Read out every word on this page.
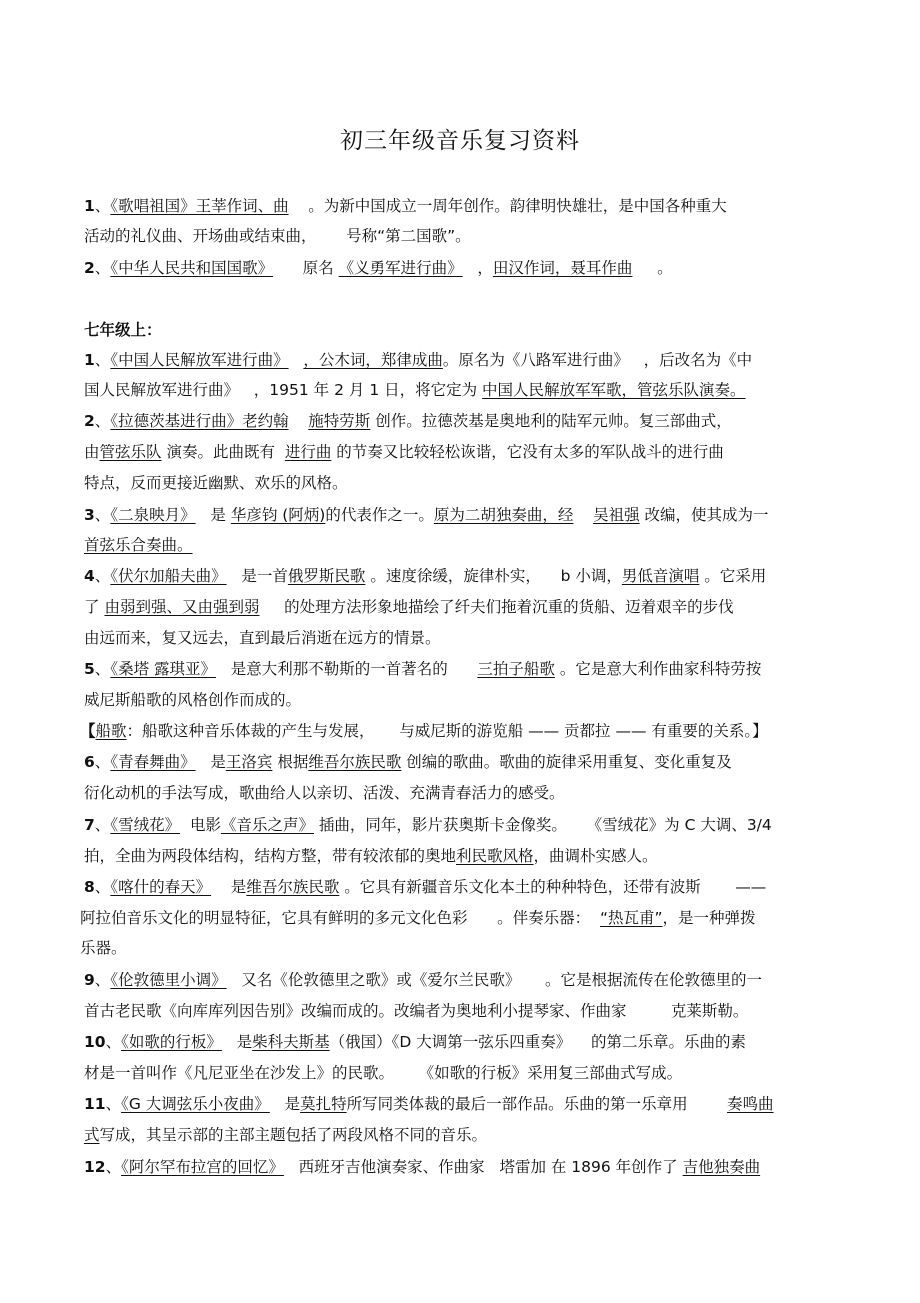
初三年级音乐复习资料
1、《歌唱祖国》王莘作词、曲 。为新中国成立一周年创作。韵律明快雄壮，是中国各种重大
活动的礼仪曲、开场曲或结束曲， 号称“第二国歌”。
2、《中华人民共和国国歌》 原名 《义勇军进行曲》 ，田汉作词，聂耳作曲 。
七年级上：
1、《中国人民解放军进行曲》 ，公木词，郑律成曲。原名为《八路军进行曲》 ，后改名为《中
国人民解放军进行曲》 ，1951 年 2 月 1 日，将它定为 中国人民解放军军歌，管弦乐队演奏。
2、《拉德茨基进行曲》老约翰 施特劳斯 创作。拉德茨基是奥地利的陆军元帅。复三部曲式，
由管弦乐队 演奏。此曲既有 进行曲 的节奏又比较轻松诙谐，它没有太多的军队战斗的进行曲
特点，反而更接近幽默、欢乐的风格。
3、《二泉映月》 是 华彦钧 (阿炳)的代表作之一。原为二胡独奏曲，经 吴祖强 改编，使其成为一
首弦乐合奏曲。
4、《伏尔加船夫曲》 是一首俄罗斯民歌 。速度徐缓，旋律朴实， b 小调，男低音演唱 。它采用
了 由弱到强、又由强到弱 的处理方法形象地描绘了纤夫们拖着沉重的货船、迈着艰辛的步伐
由远而来，复又远去，直到最后消逝在远方的情景。
5、《桑塔 露琪亚》 是意大利那不勒斯的一首著名的 三拍子船歌 。它是意大利作曲家科特劳按
威尼斯船歌的风格创作而成的。
【船歌：船歌这种音乐体裁的产生与发展， 与威尼斯的游览船 —— 贡都拉 —— 有重要的关系。】
6、《青春舞曲》 是王洛宾 根据维吾尔族民歌 创编的歌曲。歌曲的旋律采用重复、变化重复及
衍化动机的手法写成，歌曲给人以亲切、活泼、充满青春活力的感受。
7、《雪绒花》 电影《音乐之声》 插曲，同年，影片获奥斯卡金像奖。 《雪绒花》为 C 大调、3/4
拍，全曲为两段体结构，结构方整，带有较浓郁的奥地利民歌风格，曲调朴实感人。
8、《喀什的春天》 是维吾尔族民歌 。它具有新疆音乐文化本土的种种特色，还带有波斯 ——
阿拉伯音乐文化的明显特征，它具有鲜明的多元文化色彩 。伴奏乐器： “热瓦甫”，是一种弹拨
乐器。
9、《伦敦德里小调》 又名《伦敦德里之歌》或《爱尔兰民歌》 。它是根据流传在伦敦德里的一
首古老民歌《向库库列因告别》改编而成的。改编者为奥地利小提琴家、作曲家	克莱斯勒。
10、《如歌的行板》 是柴科夫斯基（俄国）《D 大调第一弦乐四重奏》 的第二乐章。乐曲的素
材是一首叫作《凡尼亚坐在沙发上》的民歌。 《如歌的行板》采用复三部曲式写成。
11、《G 大调弦乐小夜曲》 是莫扎特所写同类体裁的最后一部作品。乐曲的第一乐章用	奏鸣曲
式写成，其呈示部的主部主题包括了两段风格不同的音乐。
12、《阿尔罕布拉宫的回忆》 西班牙吉他演奏家、作曲家 塔雷加 在 1896 年创作了 吉他独奏曲
